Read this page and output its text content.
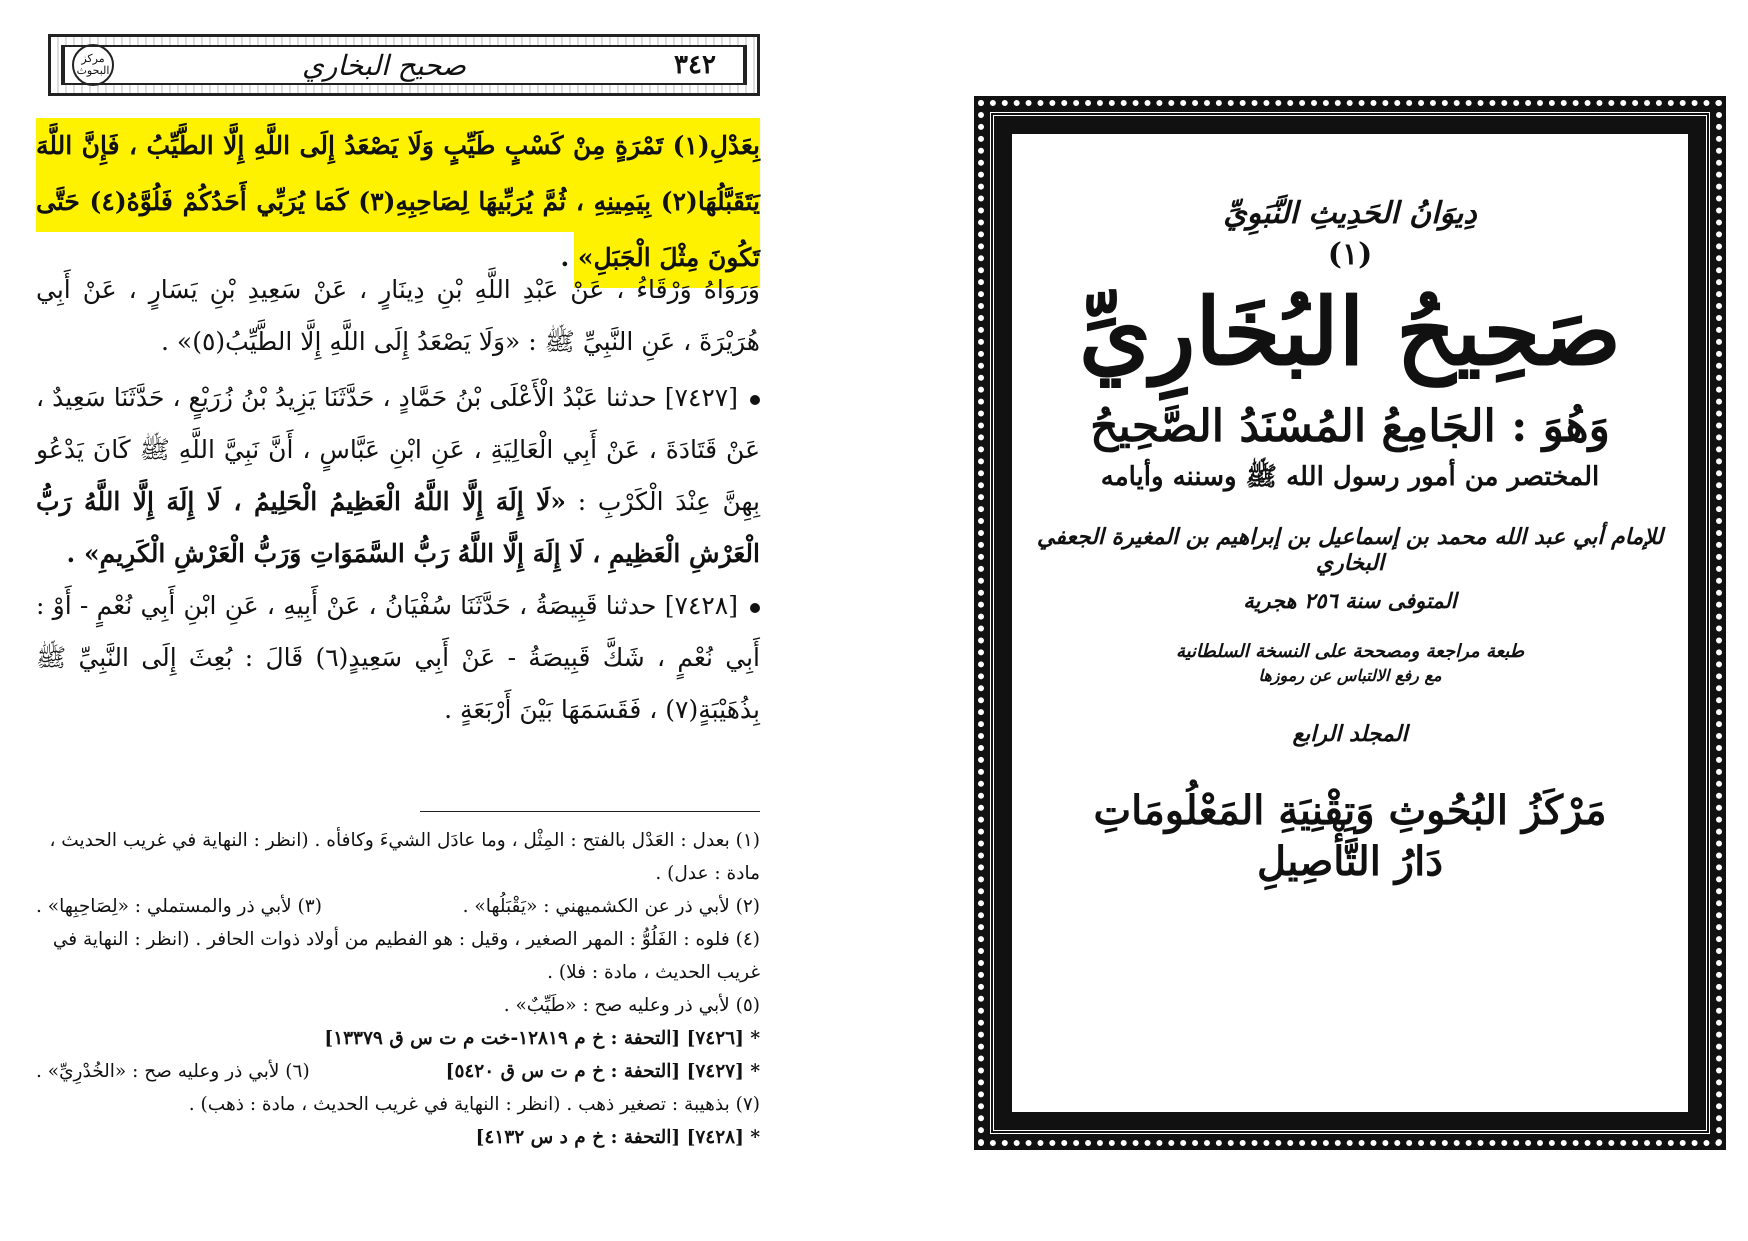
مركز البحوث	صحيح البخاري	٣٤٢
بِعَدْلِ(١) تَمْرَةٍ مِنْ كَسْبٍ طَيِّبٍ وَلَا يَصْعَدُ إِلَى اللَّهِ إِلَّا الطَّيِّبُ ، فَإِنَّ اللَّهَ يَتَقَبَّلُهَا(٢) بِيَمِينِهِ ، ثُمَّ يُرَبِّيهَا لِصَاحِبِهِ(٣) كَمَا يُرَبِّي أَحَدُكُمْ فَلُوَّهُ(٤) حَتَّى تَكُونَ مِثْلَ الْجَبَلِ» .

وَرَوَاهُ وَرْقَاءُ ، عَنْ عَبْدِ اللَّهِ بْنِ دِينَارٍ ، عَنْ سَعِيدِ بْنِ يَسَارٍ ، عَنْ أَبِي هُرَيْرَةَ ، عَنِ النَّبِيِّ ﷺ : «وَلَا يَصْعَدُ إِلَى اللَّهِ إِلَّا الطَّيِّبُ(٥)» .

[٧٤٢٧] حدثنا عَبْدُ الْأَعْلَى بْنُ حَمَّادٍ ، حَدَّثَنَا يَزِيدُ بْنُ زُرَيْعٍ ، حَدَّثَنَا سَعِيدٌ ، عَنْ قَتَادَةَ ، عَنْ أَبِي الْعَالِيَةِ ، عَنِ ابْنِ عَبَّاسٍ ، أَنَّ نَبِيَّ اللَّهِ ﷺ كَانَ يَدْعُو بِهِنَّ عِنْدَ الْكَرْبِ : «لَا إِلَهَ إِلَّا اللَّهُ الْعَظِيمُ الْحَلِيمُ ، لَا إِلَهَ إِلَّا اللَّهُ رَبُّ الْعَرْشِ الْعَظِيمِ ، لَا إِلَهَ إِلَّا اللَّهُ رَبُّ السَّمَوَاتِ وَرَبُّ الْعَرْشِ الْكَرِيمِ» .

[٧٤٢٨] حدثنا قَبِيصَةُ ، حَدَّثَنَا سُفْيَانُ ، عَنْ أَبِيهِ ، عَنِ ابْنِ أَبِي نُعْمٍ - أَوْ : أَبِي نُعْمٍ ، شَكَّ قَبِيصَةُ - عَنْ أَبِي سَعِيدٍ(٦) قَالَ : بُعِثَ إِلَى النَّبِيِّ ﷺ بِذُهَيْبَةٍ(٧) ، فَقَسَمَهَا بَيْنَ أَرْبَعَةٍ .

(١) بعدل : العَدْل بالفتح : المِثْل ، وما عادَل الشيءَ وكافأه . (انظر : النهاية في غريب الحديث ، مادة : عدل) .

(٢) لأبي ذر عن الكشميهني : «يَقْبَلُها» .
(٣) لأبي ذر والمستملي : «لِصَاحِبِها» .

(٤) فلوه : الفَلُوُّ : المهر الصغير ، وقيل : هو الفطيم من أولاد ذوات الحافر . (انظر : النهاية في غريب الحديث ، مادة : فلا) .

(٥) لأبي ذر وعليه صح : «طَيِّبٌ» .

* [٧٤٢٦] [التحفة : خ م ١٢٨١٩-خت م ت س ق ١٣٣٧٩]

* [٧٤٢٧] [التحفة : خ م ت س ق ٥٤٢٠]
(٦) لأبي ذر وعليه صح : «الخُدْرِيِّ» .

(٧) بذهيبة : تصغير ذهب . (انظر : النهاية في غريب الحديث ، مادة : ذهب) .

* [٧٤٢٨] [التحفة : خ م د س ٤١٣٢]

دِيوَانُ الحَدِيثِ النَّبَوِيِّ
(١)
صَحِيحُ البُخَارِيِّ
وَهُوَ : الجَامِعُ المُسْنَدُ الصَّحِيحُ
المختصر من أمور رسول الله ﷺ وسننه وأيامه
للإمام أبي عبد الله محمد بن إسماعيل بن إبراهيم بن المغيرة الجعفي البخاري
المتوفى سنة ٢٥٦ هجرية
طبعة مراجعة ومصححة على النسخة السلطانية
مع رفع الالتباس عن رموزها
المجلد الرابع
مَرْكَزُ البُحُوثِ وَتِقْنِيَةِ المَعْلُومَاتِ
دَارُ التَّأْصِيلِ
